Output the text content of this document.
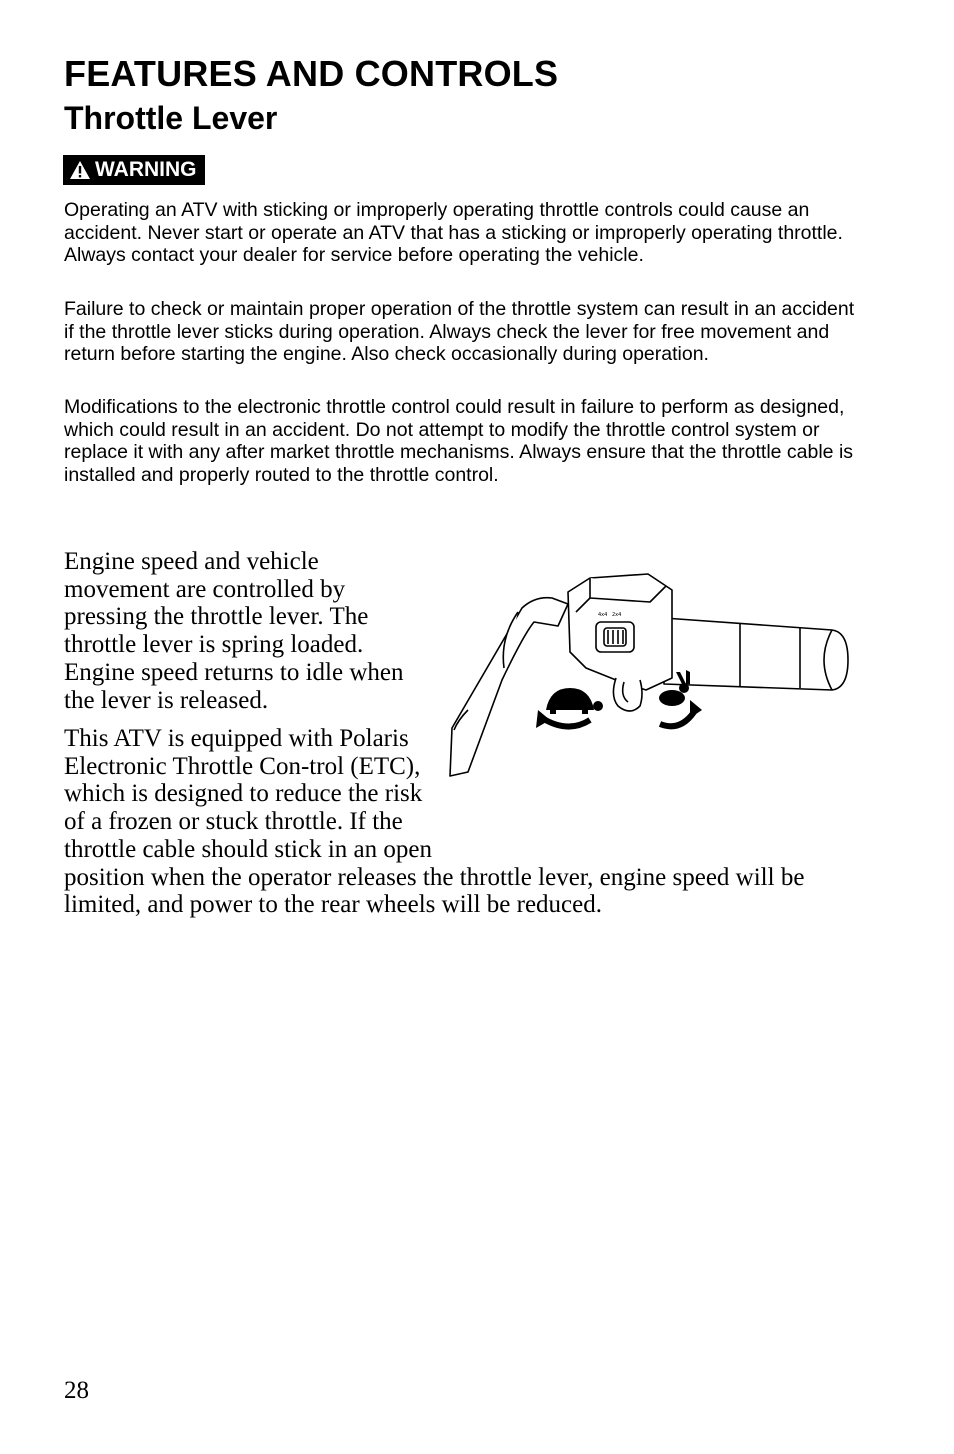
FEATURES AND CONTROLS
Throttle Lever
WARNING

Operating an ATV with sticking or improperly operating throttle controls could cause an accident. Never start or operate an ATV that has a sticking or improperly operating throttle. Always contact your dealer for service before operating the vehicle.

Failure to check or maintain proper operation of the throttle system can result in an accident if the throttle lever sticks during operation. Always check the lever for free movement and return before starting the engine. Also check occasionally during operation.

Modifications to the electronic throttle control could result in failure to perform as designed, which could result in an accident. Do not attempt to modify the throttle control system or replace it with any after market throttle mechanisms. Always ensure that the throttle cable is installed and properly routed to the throttle control.

Engine speed and vehicle movement are controlled by pressing the throttle lever. The throttle lever is spring loaded. Engine speed returns to idle when the lever is released.

This ATV is equipped with Polaris Electronic Throttle Con-trol (ETC), which is designed to reduce the risk of a frozen or stuck throttle. If the throttle cable should stick in an open position when the operator releases the throttle lever, engine speed will be limited, and power to the rear wheels will be reduced.
4x4 2x4

28
